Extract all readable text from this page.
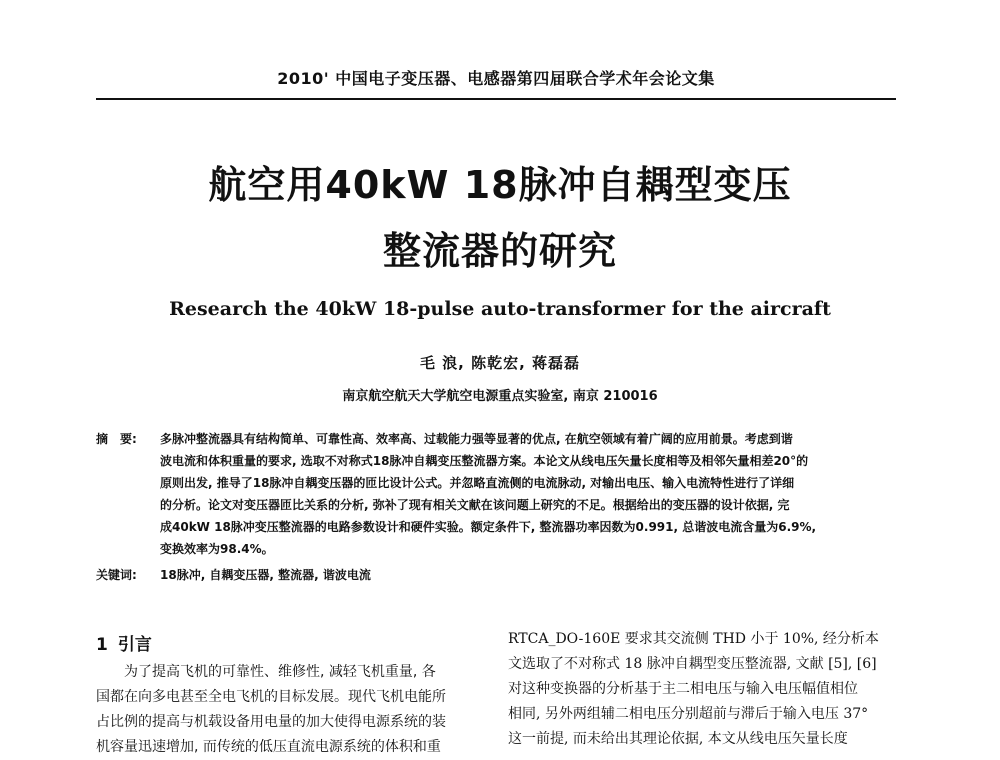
2010' 中国电子变压器、电感器第四届联合学术年会论文集
航空用40kW 18脉冲自耦型变压
整流器的研究
Research the 40kW 18-pulse auto-transformer for the aircraft
毛 浪, 陈乾宏, 蒋磊磊
南京航空航天大学航空电源重点实验室, 南京 210016
摘　要:	多脉冲整流器具有结构简单、可靠性高、效率高、过载能力强等显著的优点, 在航空领域有着广阔的应用前景。考虑到谐
波电流和体积重量的要求, 选取不对称式18脉冲自耦变压整流器方案。本论文从线电压矢量长度相等及相邻矢量相差20°的
原则出发, 推导了18脉冲自耦变压器的匝比设计公式。并忽略直流侧的电流脉动, 对输出电压、输入电流特性进行了详细
的分析。论文对变压器匝比关系的分析, 弥补了现有相关文献在该问题上研究的不足。根据给出的变压器的设计依据, 完
成40kW 18脉冲变压整流器的电路参数设计和硬件实验。额定条件下, 整流器功率因数为0.991, 总谐波电流含量为6.9%,
变换效率为98.4%。
关键词: 18脉冲, 自耦变压器, 整流器, 谐波电流
1 引言
为了提高飞机的可靠性、维修性, 减轻飞机重量, 各
国都在向多电甚至全电飞机的目标发展。现代飞机电能所
占比例的提高与机载设备用电量的加大使得电源系统的装
机容量迅速增加, 而传统的低压直流电源系统的体积和重
RTCA_DO-160E 要求其交流侧 THD 小于 10%, 经分析本
文选取了不对称式 18 脉冲自耦型变压整流器, 文献 [5], [6]
对这种变换器的分析基于主二相电压与输入电压幅值相位
相同, 另外两组辅二相电压分别超前与滞后于输入电压 37°
这一前提, 而未给出其理论依据, 本文从线电压矢量长度
